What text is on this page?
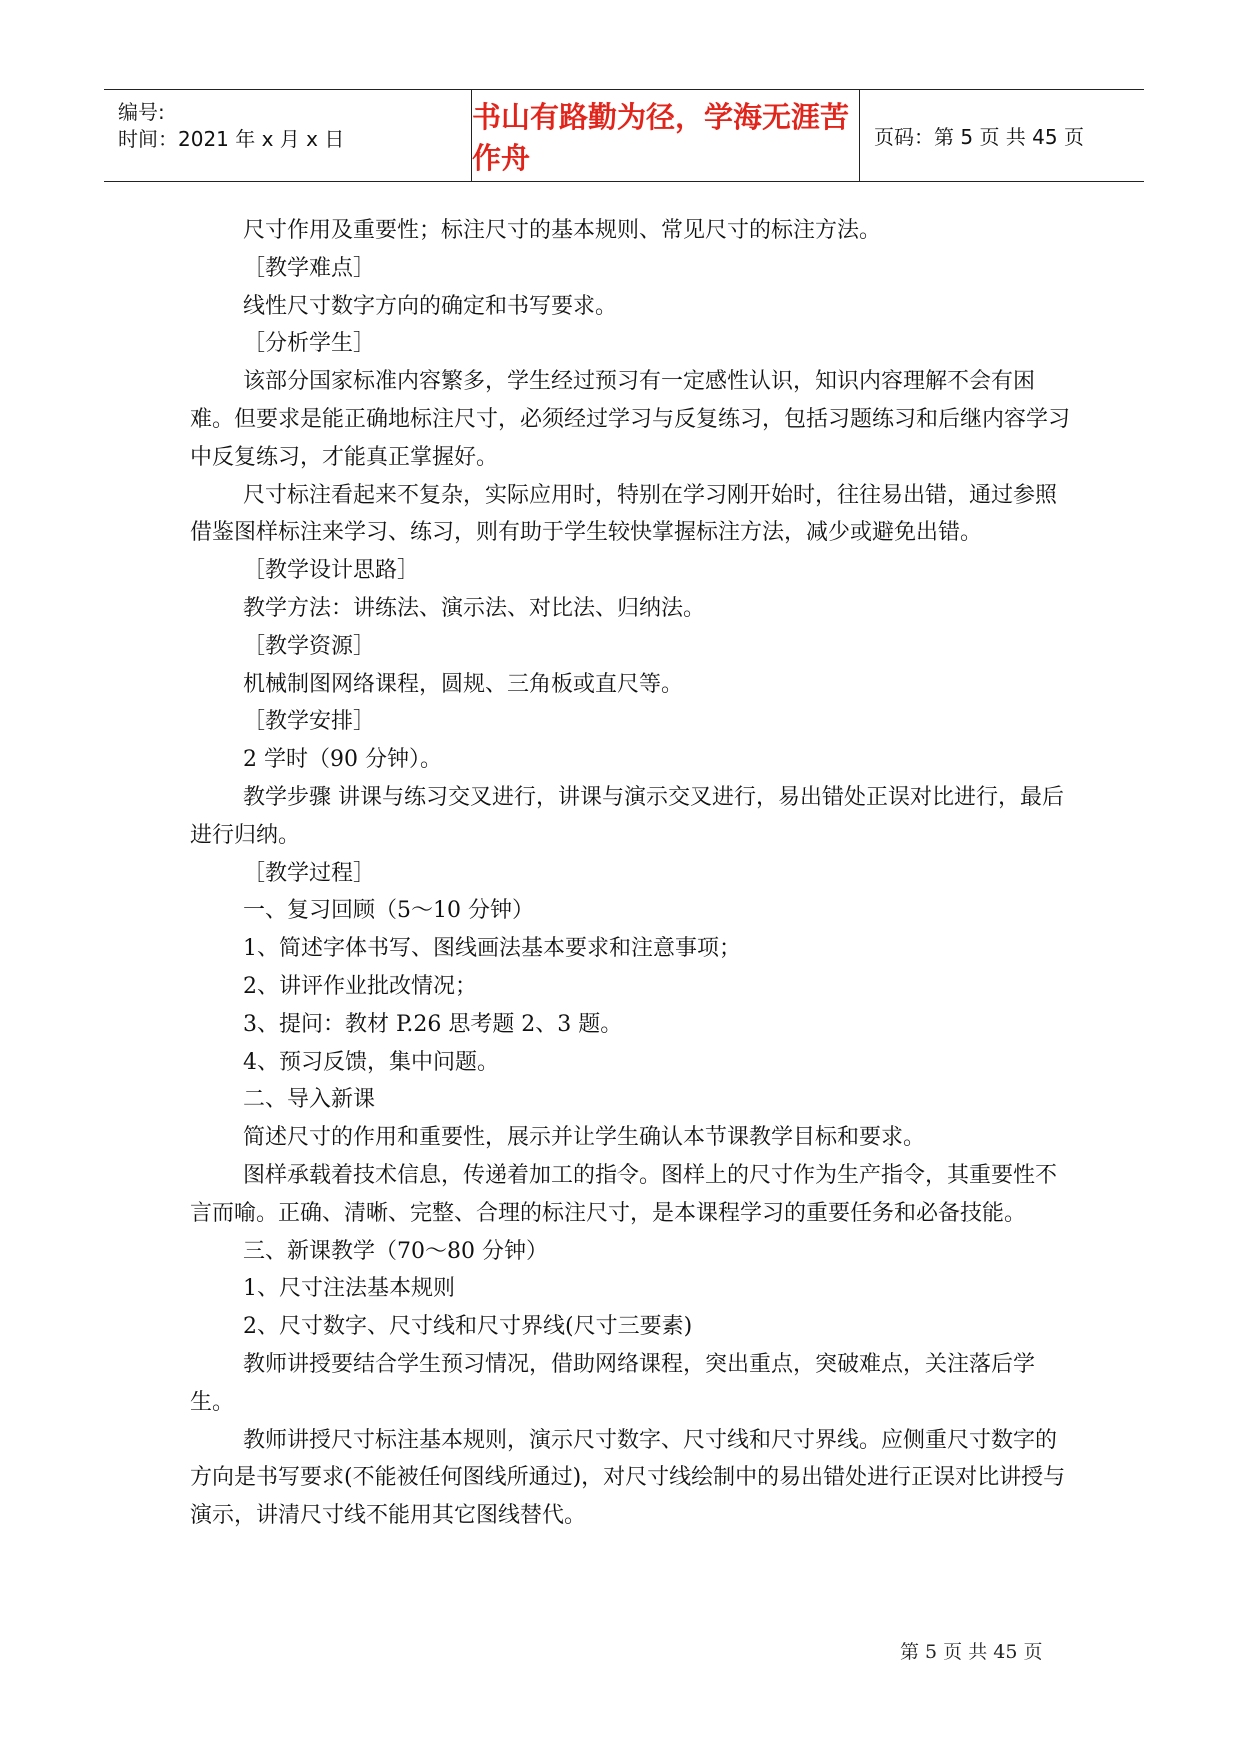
编号:
时间：2021 年 x 月 x 日
书山有路勤为径，学海无涯苦作舟
页码：第 5 页 共 45 页

尺寸作用及重要性；标注尺寸的基本规则、常见尺寸的标注方法。

［教学难点］

线性尺寸数字方向的确定和书写要求。

［分析学生］

该部分国家标准内容繁多，学生经过预习有一定感性认识，知识内容理解不会有困难。但要求是能正确地标注尺寸，必须经过学习与反复练习，包括习题练习和后继内容学习中反复练习，才能真正掌握好。

尺寸标注看起来不复杂，实际应用时，特别在学习刚开始时，往往易出错，通过参照借鉴图样标注来学习、练习，则有助于学生较快掌握标注方法，减少或避免出错。

［教学设计思路］

教学方法：讲练法、演示法、对比法、归纳法。

［教学资源］

机械制图网络课程，圆规、三角板或直尺等。

［教学安排］

2 学时（90 分钟）。

教学步骤 讲课与练习交叉进行，讲课与演示交叉进行，易出错处正误对比进行，最后进行归纳。

［教学过程］

一、复习回顾（5～10 分钟）

1、简述字体书写、图线画法基本要求和注意事项；

2、讲评作业批改情况；

3、提问：教材 P.26 思考题 2、3 题。

4、预习反馈，集中问题。

二、导入新课

简述尺寸的作用和重要性，展示并让学生确认本节课教学目标和要求。

图样承载着技术信息，传递着加工的指令。图样上的尺寸作为生产指令，其重要性不言而喻。正确、清晰、完整、合理的标注尺寸，是本课程学习的重要任务和必备技能。

三、新课教学（70～80 分钟）

1、尺寸注法基本规则

2、尺寸数字、尺寸线和尺寸界线(尺寸三要素)

教师讲授要结合学生预习情况，借助网络课程，突出重点，突破难点，关注落后学生。

教师讲授尺寸标注基本规则，演示尺寸数字、尺寸线和尺寸界线。应侧重尺寸数字的方向是书写要求(不能被任何图线所通过)，对尺寸线绘制中的易出错处进行正误对比讲授与演示，讲清尺寸线不能用其它图线替代。

第 5 页 共 45 页
